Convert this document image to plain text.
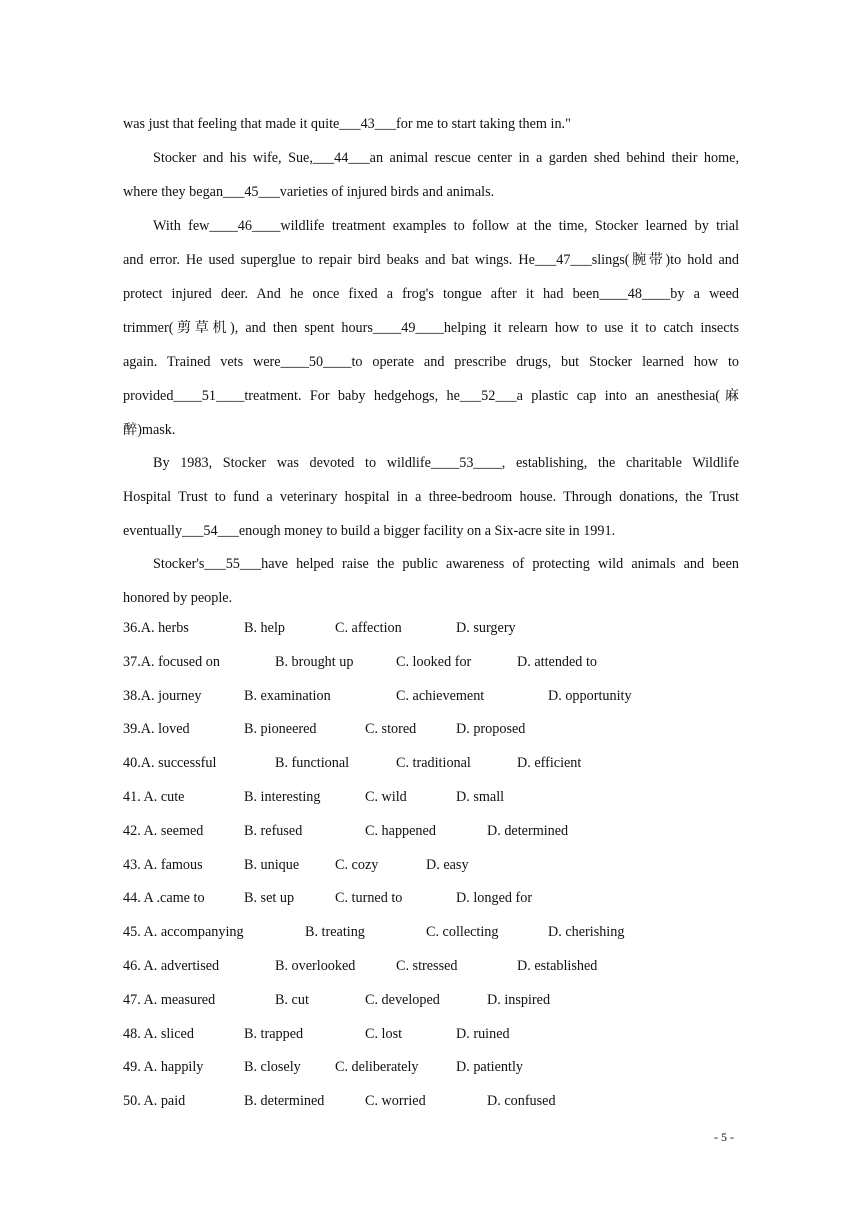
was just that feeling that made it quite___43___for me to start taking them in."
Stocker and his wife, Sue,___44___an animal rescue center in a garden shed behind their home,
where they began___45___varieties of injured birds and animals.
With few____46____wildlife treatment examples to follow at the time, Stocker learned by trial
and error. He used superglue to repair bird beaks and bat wings. He___47___slings(腕带)to hold and
protect injured deer. And he once fixed a frog's tongue after it had been____48____by a weed
trimmer(剪草机), and then spent hours____49____helping it relearn how to use it to catch insects
again. Trained vets were____50____to operate and prescribe drugs, but Stocker learned how to
provided____51____treatment. For baby hedgehogs, he___52___a plastic cap into an anesthesia(麻
醉)mask.
By 1983, Stocker was devoted to wildlife____53____, establishing, the charitable Wildlife
Hospital Trust to fund a veterinary hospital in a three-bedroom house. Through donations, the Trust
eventually___54___enough money to build a bigger facility on a Six-acre site in 1991.
Stocker's___55___have helped raise the public awareness of protecting wild animals and been
honored by people.
36.A. herbs	B. help	C. affection	D. surgery
37.A. focused on	B. brought up	C. looked for	D. attended to
38.A. journey	B. examination	C. achievement	D. opportunity
39.A. loved	B. pioneered	C. stored	D. proposed
40.A. successful	B. functional	C. traditional	D. efficient
41. A. cute	B. interesting	C. wild	D. small
42. A. seemed	B. refused	C. happened	D. determined
43. A. famous	B. unique	C. cozy	D. easy
44. A .came to	B. set up	C. turned to	D. longed for
45. A. accompanying	B. treating	C. collecting	D. cherishing
46. A. advertised	B. overlooked	C. stressed	D. established
47. A. measured	B. cut	C. developed	D. inspired
48. A. sliced	B. trapped	C. lost	D. ruined
49. A. happily	B. closely C. deliberately	D. patiently
50. A. paid	B. determined	C. worried	D. confused
- 5 -
